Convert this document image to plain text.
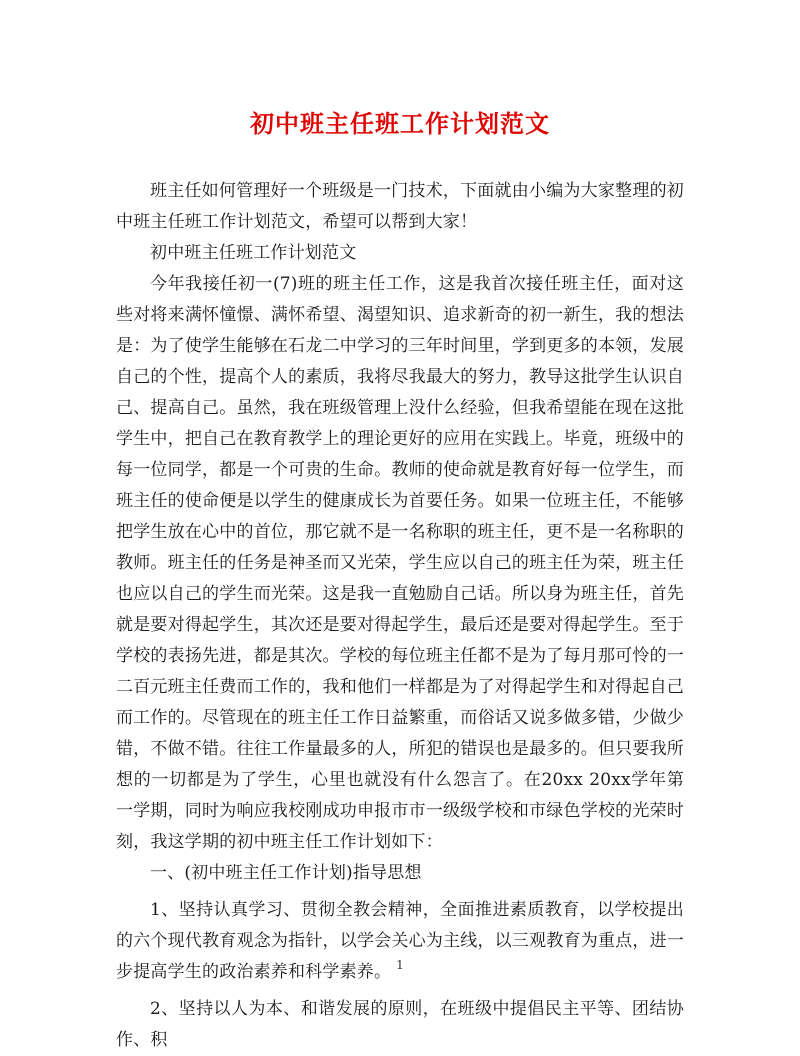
初中班主任班工作计划范文

班主任如何管理好一个班级是一门技术，下面就由小编为大家整理的初中班主任班工作计划范文，希望可以帮到大家！

初中班主任班工作计划范文

今年我接任初一(7)班的班主任工作，这是我首次接任班主任，面对这些对将来满怀憧憬、满怀希望、渴望知识、追求新奇的初一新生，我的想法是：为了使学生能够在石龙二中学习的三年时间里，学到更多的本领，发展自己的个性，提高个人的素质，我将尽我最大的努力，教导这批学生认识自己、提高自己。虽然，我在班级管理上没什么经验，但我希望能在现在这批学生中，把自己在教育教学上的理论更好的应用在实践上。毕竟，班级中的每一位同学，都是一个可贵的生命。教师的使命就是教育好每一位学生，而班主任的使命便是以学生的健康成长为首要任务。如果一位班主任，不能够把学生放在心中的首位，那它就不是一名称职的班主任，更不是一名称职的教师。班主任的任务是神圣而又光荣，学生应以自己的班主任为荣，班主任也应以自己的学生而光荣。这是我一直勉励自己话。所以身为班主任，首先就是要对得起学生，其次还是要对得起学生，最后还是要对得起学生。至于学校的表扬先进，都是其次。学校的每位班主任都不是为了每月那可怜的一二百元班主任费而工作的，我和他们一样都是为了对得起学生和对得起自己而工作的。尽管现在的班主任工作日益繁重，而俗话又说多做多错，少做少错，不做不错。往往工作量最多的人，所犯的错误也是最多的。但只要我所想的一切都是为了学生，心里也就没有什么怨言了。在20xx 20xx学年第一学期，同时为响应我校刚成功申报市市一级级学校和市绿色学校的光荣时刻，我这学期的初中班主任工作计划如下：

一、(初中班主任工作计划)指导思想

1、坚持认真学习、贯彻全教会精神，全面推进素质教育，以学校提出的六个现代教育观念为指针，以学会关心为主线，以三观教育为重点，进一步提高学生的政治素养和科学素养。

2、坚持以人为本、和谐发展的原则，在班级中提倡民主平等、团结协作、积

1
